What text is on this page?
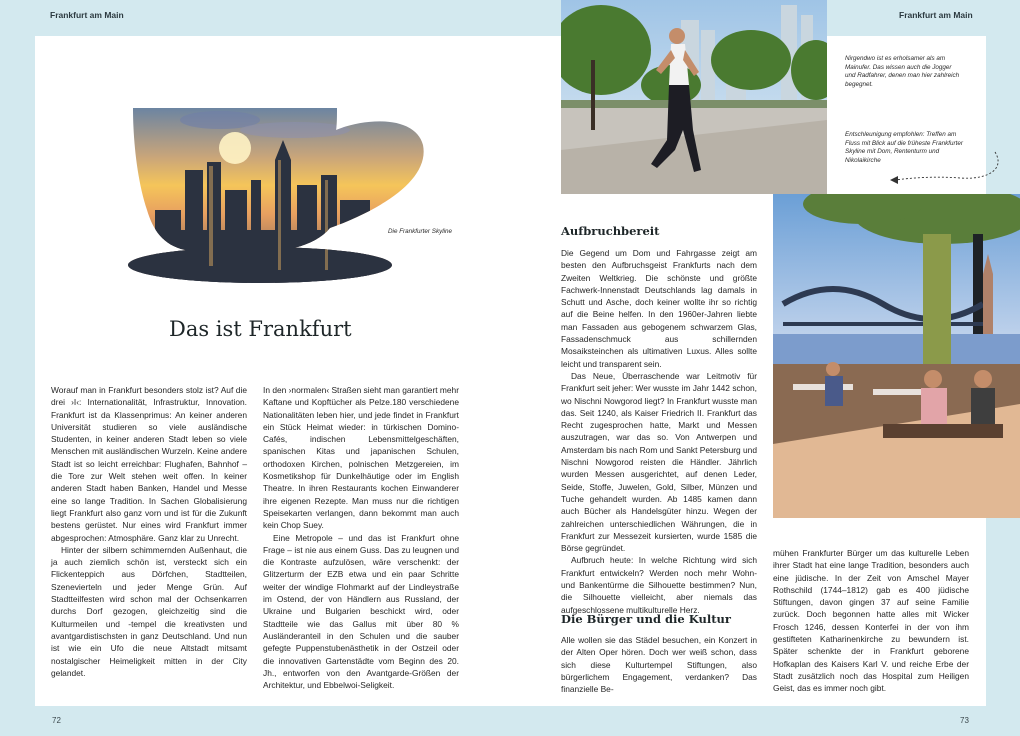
Frankfurt am Main	Frankfurt am Main
Die Frankfurter Skyline
Das ist Frankfurt

Worauf man in Frankfurt besonders stolz ist? Auf die drei ›I‹: Internationalität, Infrastruktur, Innovation. Frankfurt ist da Klassenprimus: An keiner anderen Universität studieren so viele ausländische Studenten, in keiner anderen Stadt leben so viele Menschen mit ausländischen Wurzeln. Keine andere Stadt ist so leicht erreichbar: Flughafen, Bahnhof – die Tore zur Welt stehen weit offen. In keiner anderen Stadt haben Banken, Handel und Messe eine so lange Tradition. In Sachen Globalisierung liegt Frankfurt also ganz vorn und ist für die Zukunft bestens gerüstet. Nur eines wird Frankfurt immer abgesprochen: Atmosphäre. Ganz klar zu Unrecht.

Hinter der silbern schimmernden Außenhaut, die ja auch ziemlich schön ist, versteckt sich ein Flickenteppich aus Dörfchen, Stadtteilen, Szenevierteln und jeder Menge Grün. Auf Stadtteilfesten wird schon mal der Ochsenkarren durchs Dorf gezogen, gleichzeitig sind die Kulturmeilen und -tempel die kreativsten und avantgardistischsten in ganz Deutschland. Und nun ist wie ein Ufo die neue Altstadt mitsamt nostalgischer Heimeligkeit mitten in der City gelandet.

In den ›normalen‹ Straßen sieht man garantiert mehr Kaftane und Kopftücher als Pelze.180 verschiedene Nationalitäten leben hier, und jede findet in Frankfurt ein Stück Heimat wieder: in türkischen Domino-Cafés, indischen Lebensmittelgeschäften, spanischen Kitas und japanischen Schulen, orthodoxen Kirchen, polnischen Metzgereien, im Kosmetikshop für Dunkelhäutige oder im English Theatre. In ihren Restaurants kochen Einwanderer ihre eigenen Rezepte. Man muss nur die richtigen Speisekarten verlangen, dann bekommt man auch kein Chop Suey.

Eine Metropole – und das ist Frankfurt ohne Frage – ist nie aus einem Guss. Das zu leugnen und die Kontraste aufzulösen, wäre verschenkt: der Glitzerturm der EZB etwa und ein paar Schritte weiter der windige Flohmarkt auf der Lindleystraße im Ostend, der von Händlern aus Russland, der Ukraine und Bulgarien beschickt wird, oder Stadtteile wie das Gallus mit über 80 % Ausländeranteil in den Schulen und die sauber gefegte Puppenstubenästhetik in der Ostzeil oder die innovativen Gartenstädte vom Beginn des 20. Jh., entworfen von den Avantgarde-Größen der Architektur, und Ebbelwoi-Seligkeit.

Nirgendwo ist es erholsamer als am Mainufer. Das wissen auch die Jogger und Radfahrer, denen man hier zahlreich begegnet.
Entschleunigung empfohlen: Treffen am Fluss mit Blick auf die früheste Frankfurter Skyline mit Dom, Rententurm und Nikolaikirche
Aufbruchbereit

Die Gegend um Dom und Fahrgasse zeigt am besten den Aufbruchsgeist Frankfurts nach dem Zweiten Weltkrieg. Die schönste und größte Fachwerk-Innenstadt Deutschlands lag damals in Schutt und Asche, doch keiner wollte ihr so richtig auf die Beine helfen. In den 1960er-Jahren liebte man Fassaden aus gebogenem schwarzem Glas, Fassadenschmuck aus schillernden Mosaiksteinchen als ultimativen Luxus. Alles sollte leicht und transparent sein.

Das Neue, Überraschende war Leitmotiv für Frankfurt seit jeher: Wer wusste im Jahr 1442 schon, wo Nischni Nowgorod liegt? In Frankfurt wusste man das. Seit 1240, als Kaiser Friedrich II. Frankfurt das Recht zugesprochen hatte, Markt und Messen auszutragen, war das so. Von Antwerpen und Amsterdam bis nach Rom und Sankt Petersburg und Nischni Nowgorod reisten die Händler. Jährlich wurden Messen ausgerichtet, auf denen Leder, Seide, Stoffe, Juwelen, Gold, Silber, Münzen und Tuche gehandelt wurden. Ab 1485 kamen dann auch Bücher als Handelsgüter hinzu. Wegen der zahlreichen unterschiedlichen Währungen, die in Frankfurt zur Messezeit kursierten, wurde 1585 die Börse gegründet.

Aufbruch heute: In welche Richtung wird sich Frankfurt entwickeln? Werden noch mehr Wohn- und Bankentürme die Silhouette bestimmen? Nun, die Silhouette vielleicht, aber niemals das aufgeschlossene multikulturelle Herz.

Die Bürger und die Kultur

Alle wollen sie das Städel besuchen, ein Konzert in der Alten Oper hören. Doch wer weiß schon, dass sich diese Kulturtempel Stiftungen, also bürgerlichem Engagement, verdanken? Das finanzielle Be-

mühen Frankfurter Bürger um das kulturelle Leben ihrer Stadt hat eine lange Tradition, besonders auch eine jüdische. In der Zeit von Amschel Mayer Rothschild (1744–1812) gab es 400 jüdische Stiftungen, davon gingen 37 auf seine Familie zurück. Doch begonnen hatte alles mit Wicker Frosch 1246, dessen Konterfei in der von ihm gestifteten Katharinenkirche zu bewundern ist. Später schenkte der in Frankfurt geborene Hofkaplan des Kaisers Karl V. und reiche Erbe der Stadt zusätzlich noch das Hospital zum Heiligen Geist, das es immer noch gibt.

72	73
